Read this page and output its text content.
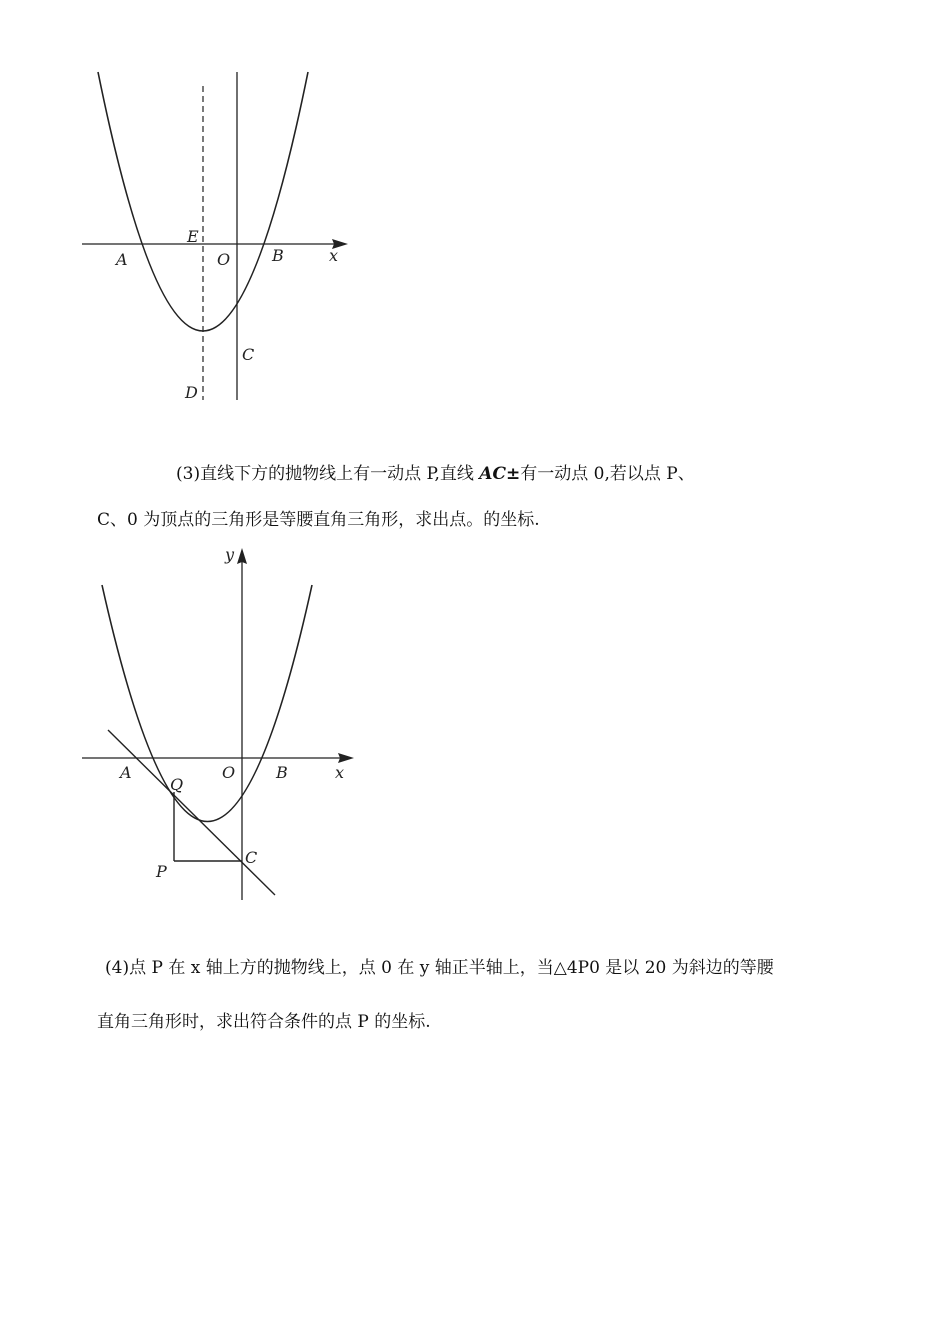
A
E
O	B	x
C
D
(3)直线下方的抛物线上有一动点 P,直线 AC±有一动点 0,若以点 P、
C、0 为顶点的三角形是等腰直角三角形，求出点。的坐标.
y
A	O	B	x
Q
C
P
(4)点 P 在 x 轴上方的抛物线上，点 0 在 y 轴正半轴上，当△4P0 是以 20 为斜边的等腰
直角三角形时，求出符合条件的点 P 的坐标.
